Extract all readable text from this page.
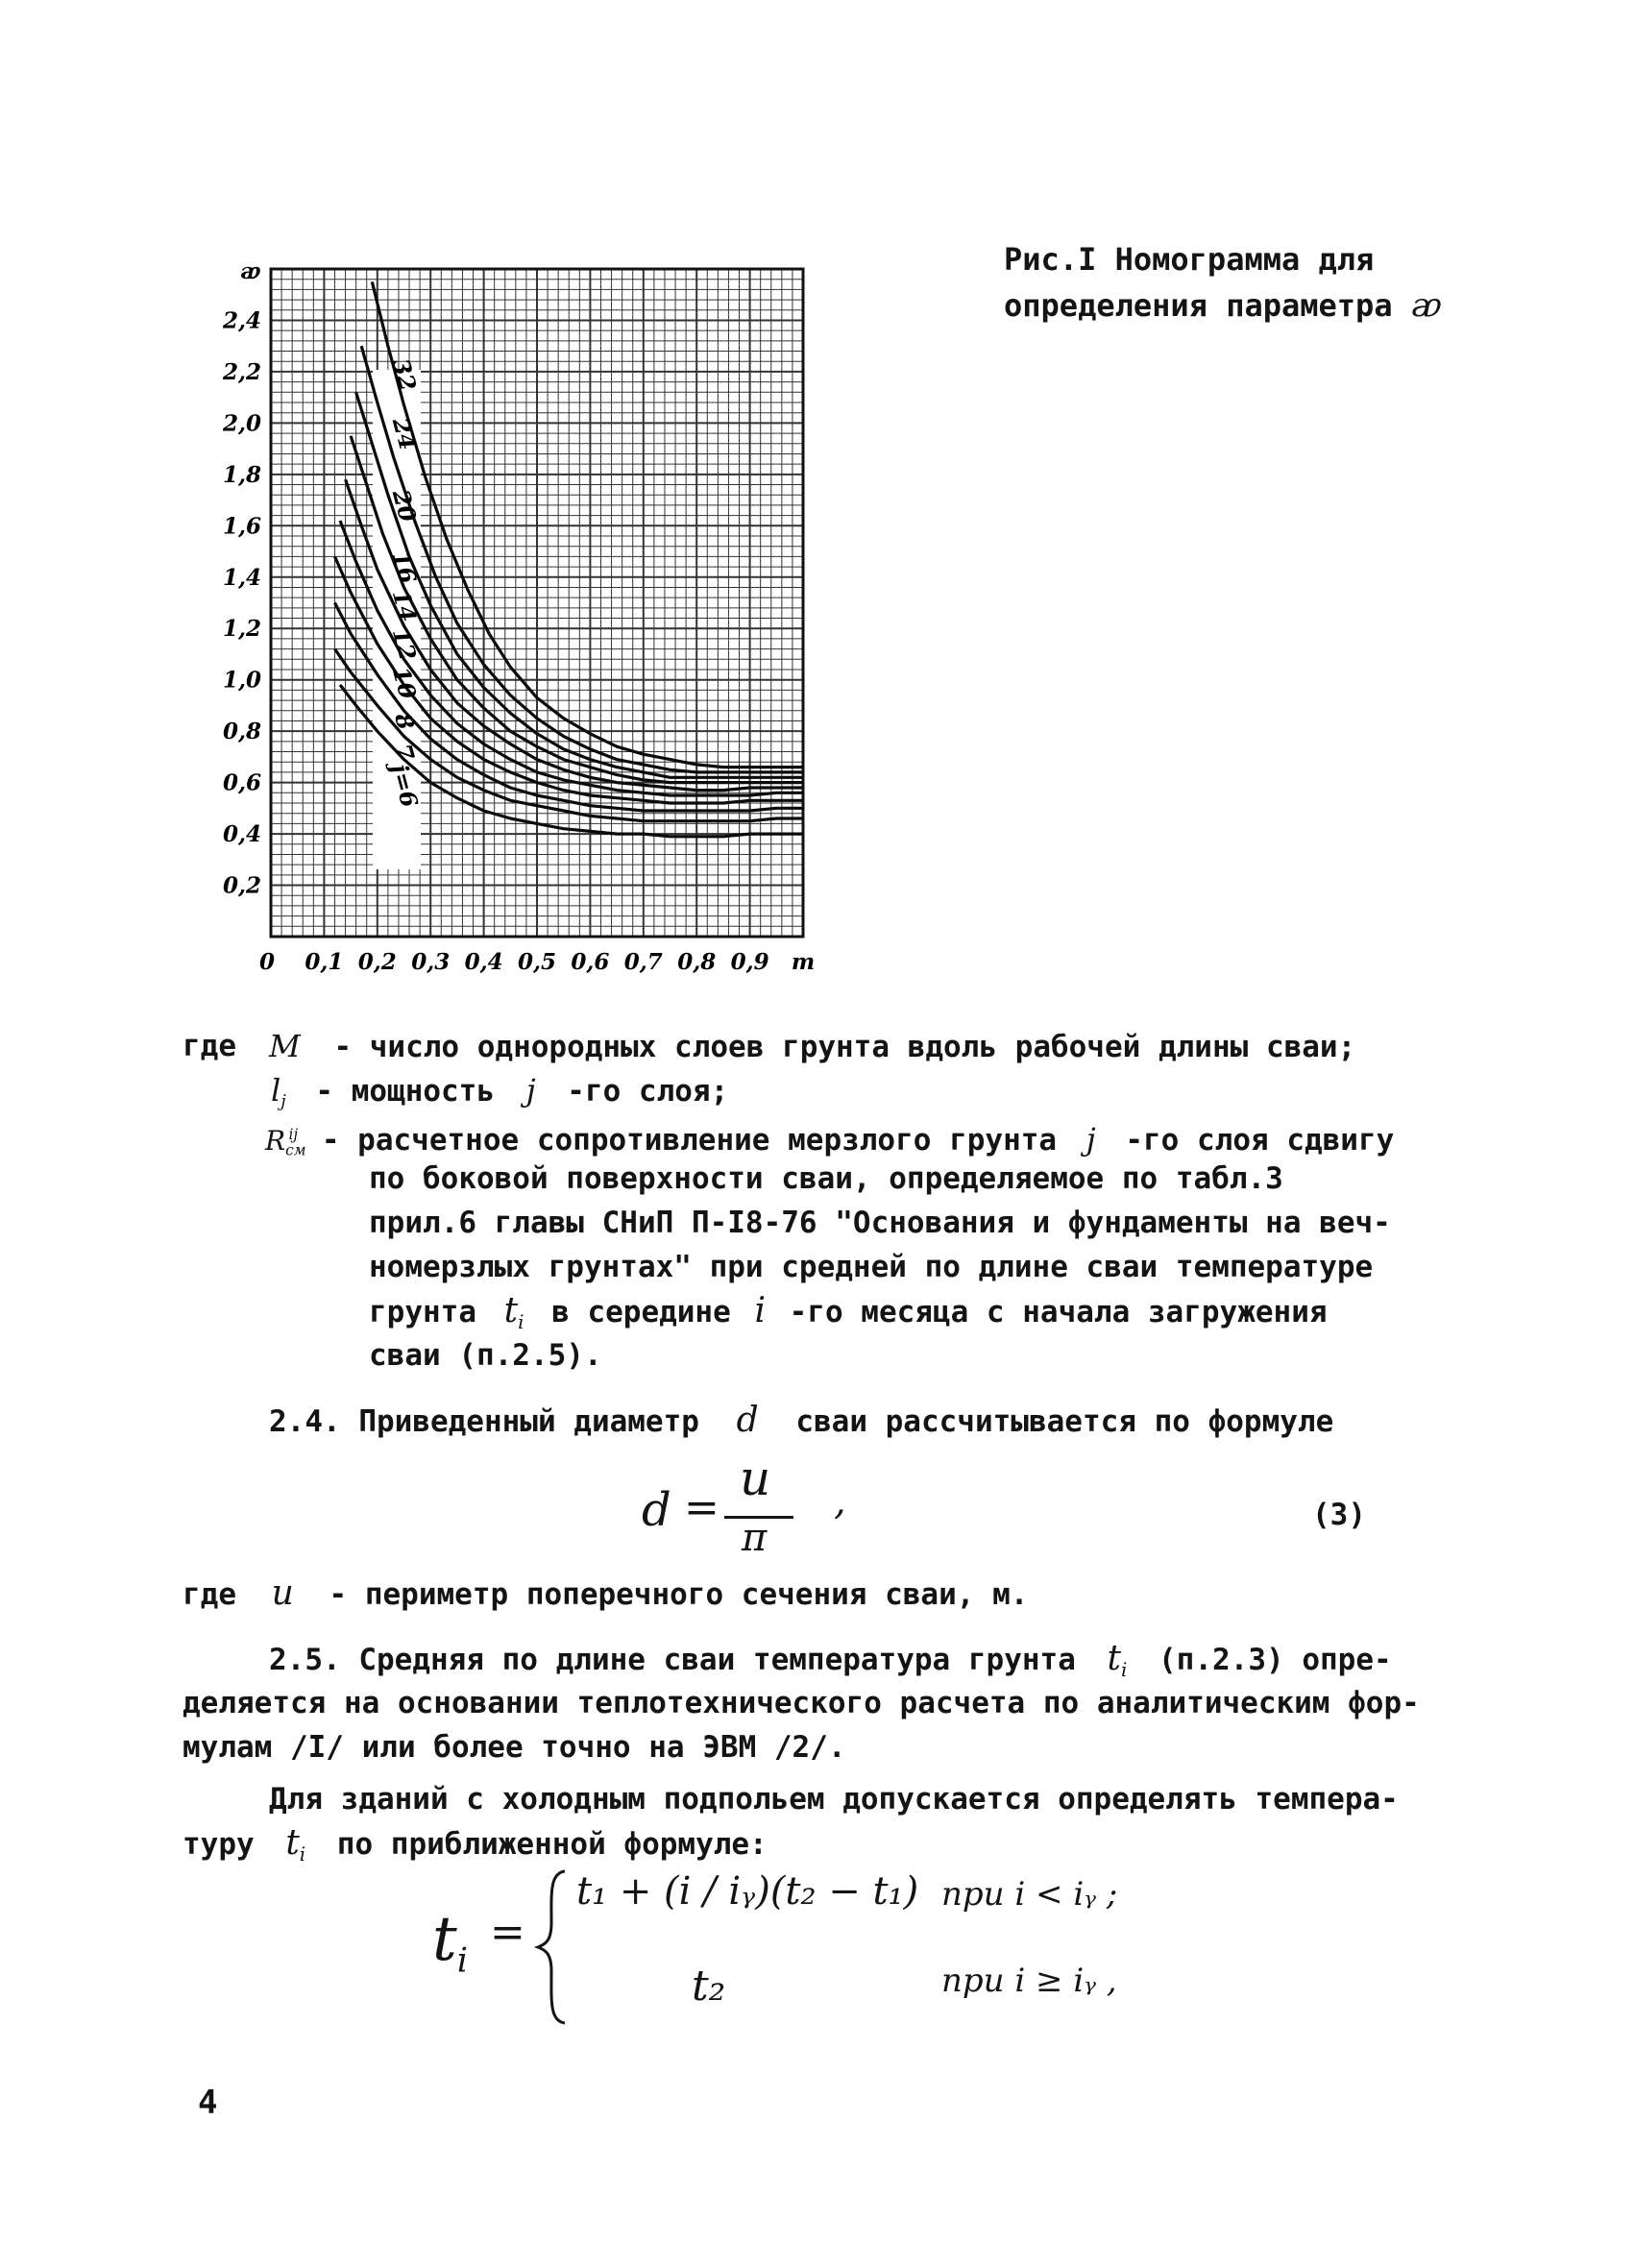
j=6
7
8
10
12
14
16
20
24
32
2,4
2,2
2,0
1,8
1,6
1,4
1,2
1,0
0,8
0,6
0,4
0,2
0 0,1 0,2 0,3 0,4 0,5 0,6 0,7 0,8 0,9 m
ᴂ	Рис.I Номограмма для
определения параметра ᴂ
где M - число однородных слоев грунта вдоль рабочей длины сваи;
$l_j$ - мощность j -го слоя;
$R_{см}^{ij}$ - расчетное сопротивление мерзлого грунта j -го слоя сдвигу
по боковой поверхности сваи, определяемое по табл.3
прил.6 главы СНиП П-I8-76 "Основания и фундаменты на веч-
номерзлых грунтах" при средней по длине сваи температуре
грунта $t_i$ в середине i -го месяца с начала загружения
сваи (п.2.5).
2.4. Приведенный диаметр d сваи рассчитывается по формуле
d =
u
π
,	(3)
где u - периметр поперечного сечения сваи, м.
2.5. Средняя по длине сваи температура грунта $t_i$ (п.2.3) опре-
деляется на основании теплотехнического расчета по аналитическим фор-
мулам /I/ или более точно на ЭВМ /2/.
Для зданий с холодным подпольем допускается определять темпера-
туру $t_i$ по приближенной формуле:
$t_i$
=
t₁ + (i / iᵧ)(t₂ − t₁) при i < iᵧ ;
t₂	при i ≥ iᵧ ,
4
